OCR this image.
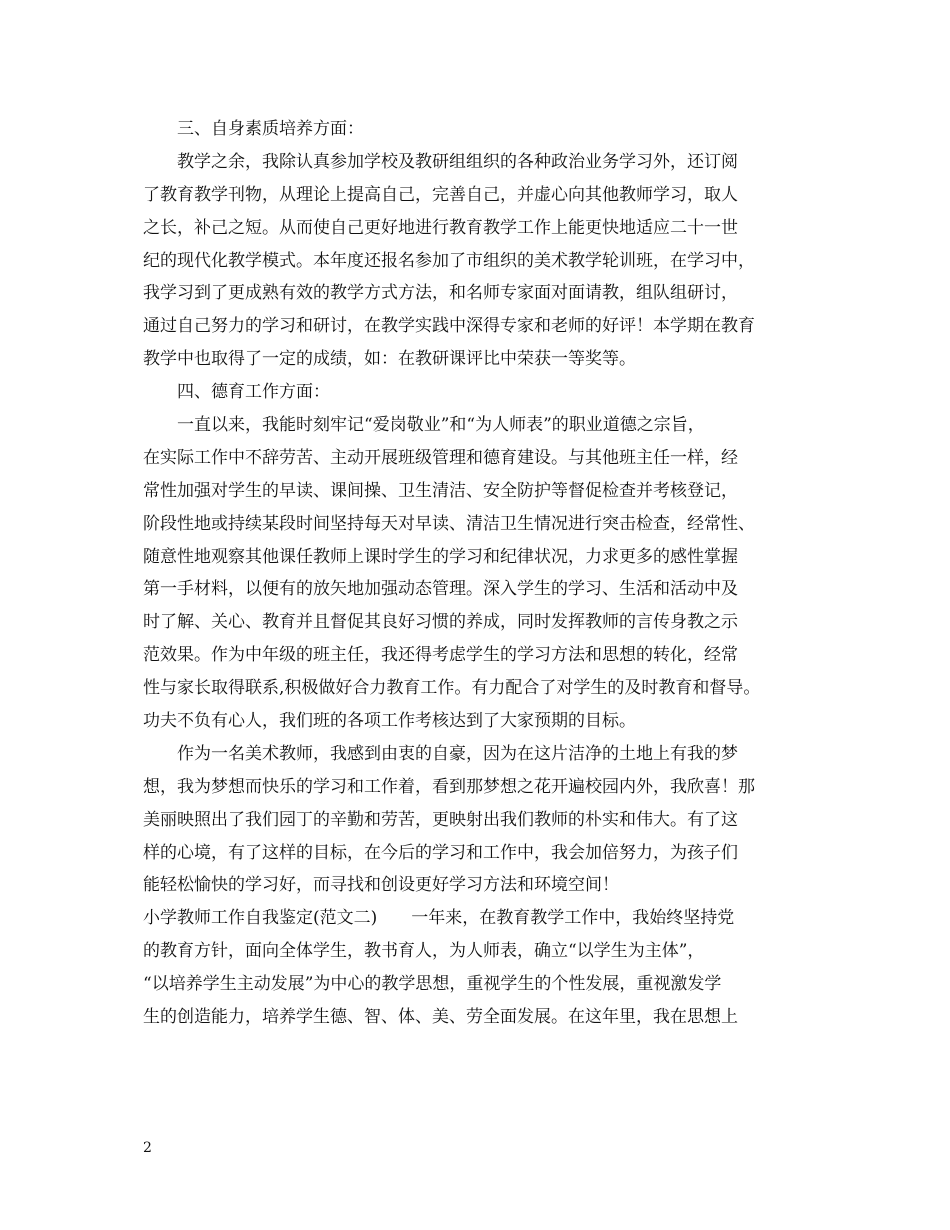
三、自身素质培养方面：
教学之余，我除认真参加学校及教研组组织的各种政治业务学习外，还订阅
了教育教学刊物，从理论上提高自己，完善自己，并虚心向其他教师学习，取人
之长，补己之短。从而使自己更好地进行教育教学工作上能更快地适应二十一世
纪的现代化教学模式。本年度还报名参加了市组织的美术教学轮训班，在学习中，
我学习到了更成熟有效的教学方式方法，和名师专家面对面请教，组队组研讨，
通过自己努力的学习和研讨，在教学实践中深得专家和老师的好评！本学期在教育
教学中也取得了一定的成绩，如：在教研课评比中荣获一等奖等。
四、德育工作方面：
一直以来，我能时刻牢记“爱岗敬业”和“为人师表”的职业道德之宗旨，
在实际工作中不辞劳苦、主动开展班级管理和德育建设。与其他班主任一样，经
常性加强对学生的早读、课间操、卫生清洁、安全防护等督促检查并考核登记，
阶段性地或持续某段时间坚持每天对早读、清洁卫生情况进行突击检查，经常性、
随意性地观察其他课任教师上课时学生的学习和纪律状况，力求更多的感性掌握
第一手材料，以便有的放矢地加强动态管理。深入学生的学习、生活和活动中及
时了解、关心、教育并且督促其良好习惯的养成，同时发挥教师的言传身教之示
范效果。作为中年级的班主任，我还得考虑学生的学习方法和思想的转化，经常
性与家长取得联系,积极做好合力教育工作。有力配合了对学生的及时教育和督导。
功夫不负有心人，我们班的各项工作考核达到了大家预期的目标。
作为一名美术教师，我感到由衷的自豪，因为在这片洁净的土地上有我的梦
想，我为梦想而快乐的学习和工作着，看到那梦想之花开遍校园内外，我欣喜！那
美丽映照出了我们园丁的辛勤和劳苦，更映射出我们教师的朴实和伟大。有了这
样的心境，有了这样的目标，在今后的学习和工作中，我会加倍努力，为孩子们
能轻松愉快的学习好，而寻找和创设更好学习方法和环境空间！
小学教师工作自我鉴定(范文二)　　一年来，在教育教学工作中，我始终坚持党
的教育方针，面向全体学生，教书育人，为人师表，确立“以学生为主体”，
“以培养学生主动发展”为中心的教学思想，重视学生的个性发展，重视激发学
生的创造能力，培养学生德、智、体、美、劳全面发展。在这年里，我在思想上
2
